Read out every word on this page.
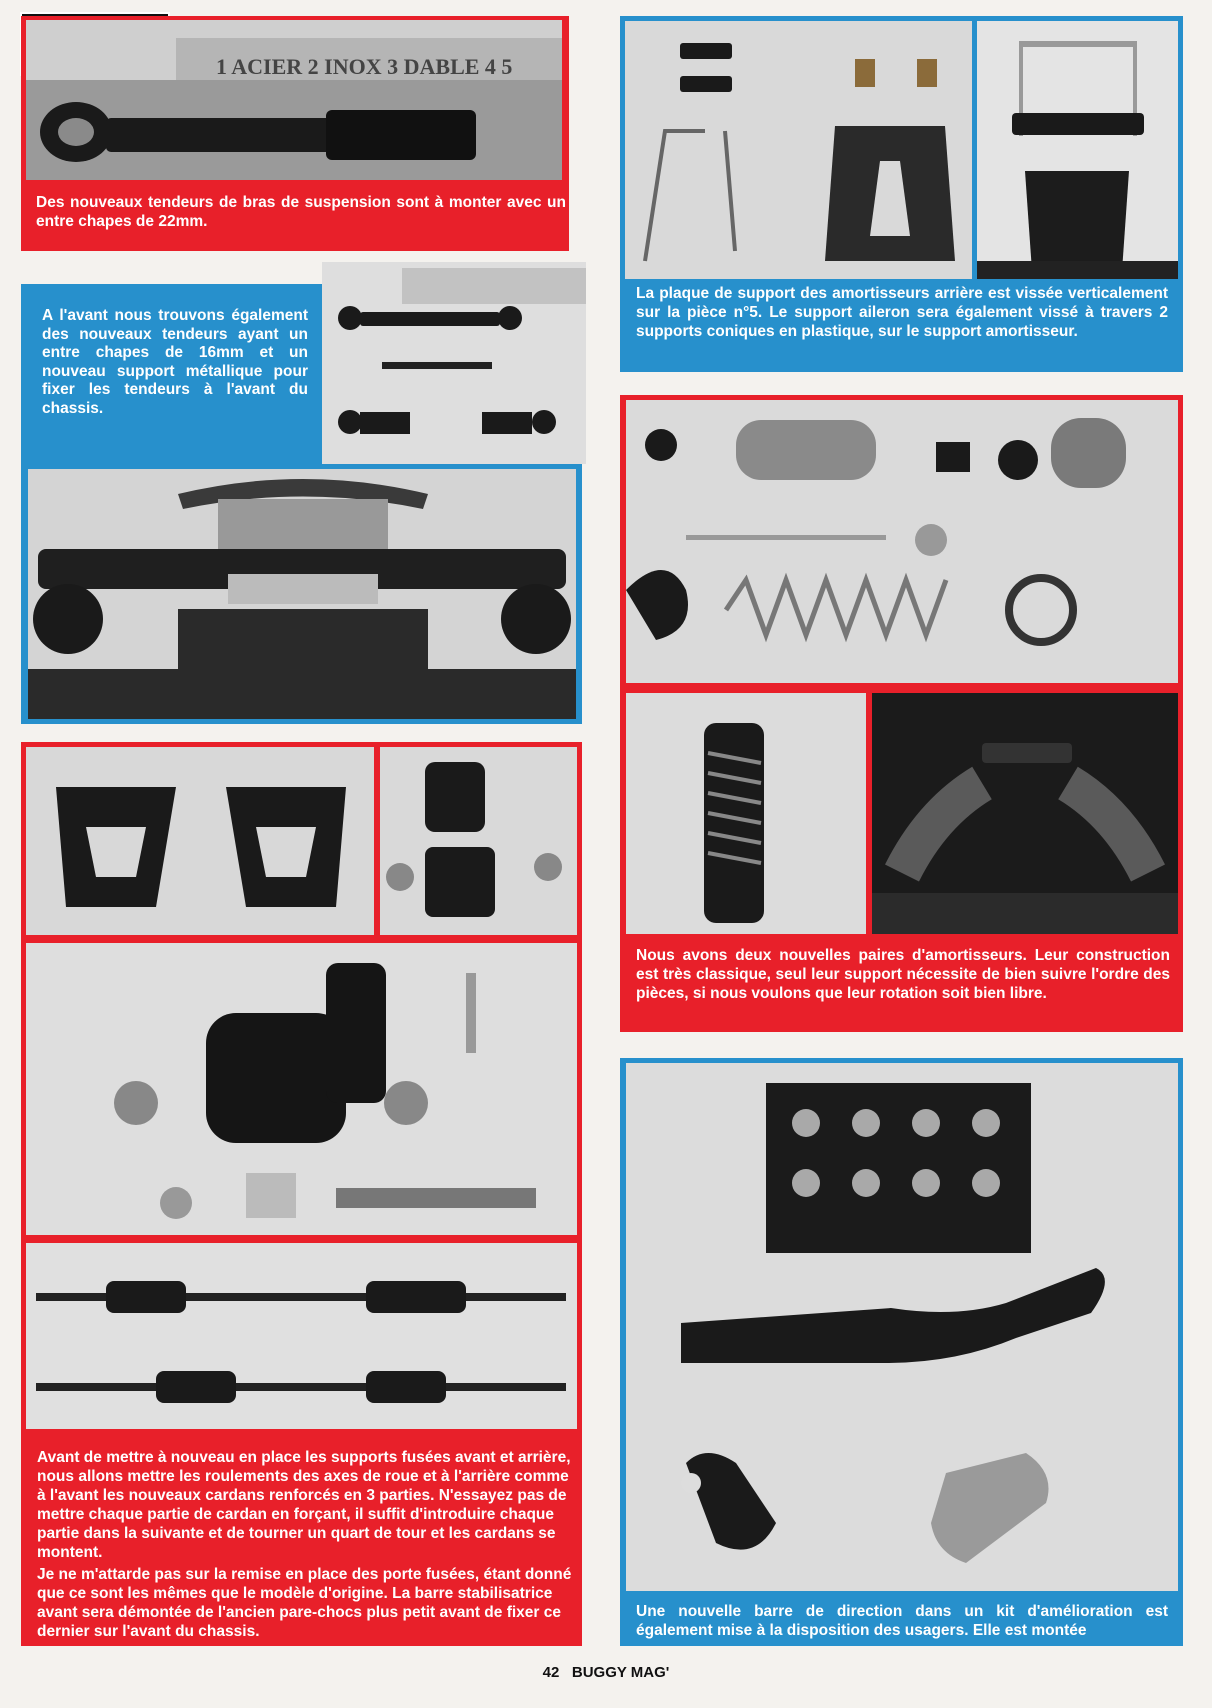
1 ACIER 2 INOX 3 DABLE 4 5
Des nouveaux tendeurs de bras de suspension sont à monter avec un entre chapes de 22mm.
La plaque de support des amortisseurs arrière est vissée verticalement sur la pièce n°5. Le support aileron sera également vissé à travers 2 supports coniques en plastique, sur le support amortisseur.
A l'avant nous trouvons également des nouveaux tendeurs ayant un entre chapes de 16mm et un nouveau support métallique pour fixer les tendeurs à l'avant du chassis.
Nous avons deux nouvelles paires d'amortisseurs. Leur construction est très classique, seul leur support nécessite de bien suivre l'ordre des pièces, si nous voulons que leur rotation soit bien libre.
Avant de mettre à nouveau en place les supports fusées avant et arrière, nous allons mettre les roulements des axes de roue et à l'arrière comme à l'avant les nouveaux cardans renforcés en 3 parties. N'essayez pas de mettre chaque partie de cardan en forçant, il suffit d'introduire chaque partie dans la suivante et de tourner un quart de tour et les cardans se montent.
Je ne m'attarde pas sur la remise en place des porte fusées, étant donné que ce sont les mêmes que le modèle d'origine. La barre stabilisatrice avant sera démontée de l'ancien pare-chocs plus petit avant de fixer ce dernier sur l'avant du chassis.
Une nouvelle barre de direction dans un kit d'amélioration est également mise à la disposition des usagers. Elle est montée
42 BUGGY MAG'
